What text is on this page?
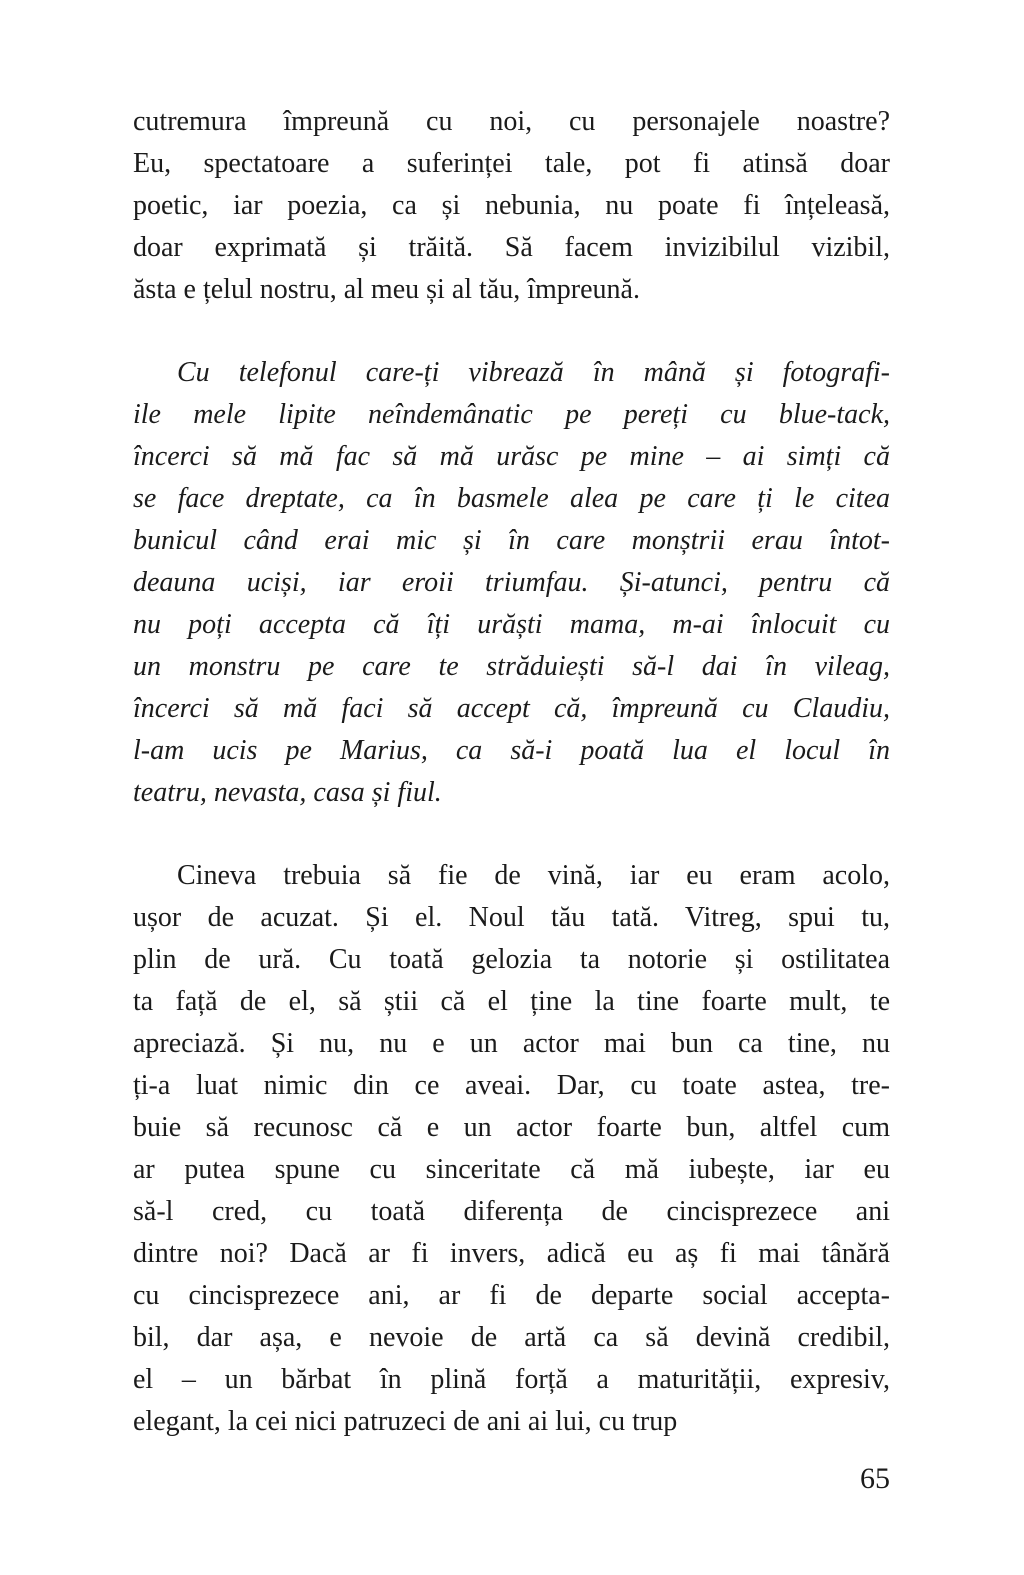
cutremura împreună cu noi, cu personajele noastre?
Eu, spectatoare a suferinței tale, pot fi atinsă doar
poetic, iar poezia, ca și nebunia, nu poate fi înțeleasă,
doar exprimată și trăită. Să facem invizibilul vizibil,
ăsta e țelul nostru, al meu și al tău, împreună.
Cu telefonul care-ți vibrează în mână și fotografi-
ile mele lipite neîndemânatic pe pereți cu blue-tack,
încerci să mă fac să mă urăsc pe mine – ai simți că
se face dreptate, ca în basmele alea pe care ți le citea
bunicul când erai mic și în care monștrii erau întot-
deauna uciși, iar eroii triumfau. Și-atunci, pentru că
nu poți accepta că îți urăști mama, m-ai înlocuit cu
un monstru pe care te străduiești să-l dai în vileag,
încerci să mă faci să accept că, împreună cu Claudiu,
l-am ucis pe Marius, ca să-i poată lua el locul în
teatru, nevasta, casa și fiul.
Cineva trebuia să fie de vină, iar eu eram acolo,
ușor de acuzat. Și el. Noul tău tată. Vitreg, spui tu,
plin de ură. Cu toată gelozia ta notorie și ostilitatea
ta față de el, să știi că el ține la tine foarte mult, te
apreciază. Și nu, nu e un actor mai bun ca tine, nu
ți-a luat nimic din ce aveai. Dar, cu toate astea, tre-
buie să recunosc că e un actor foarte bun, altfel cum
ar putea spune cu sinceritate că mă iubește, iar eu
să-l cred, cu toată diferența de cincisprezece ani
dintre noi? Dacă ar fi invers, adică eu aș fi mai tânără
cu cincisprezece ani, ar fi de departe social accepta-
bil, dar așa, e nevoie de artă ca să devină credibil,
el – un bărbat în plină forță a maturității, expresiv,
elegant, la cei nici patruzeci de ani ai lui, cu trup
65
